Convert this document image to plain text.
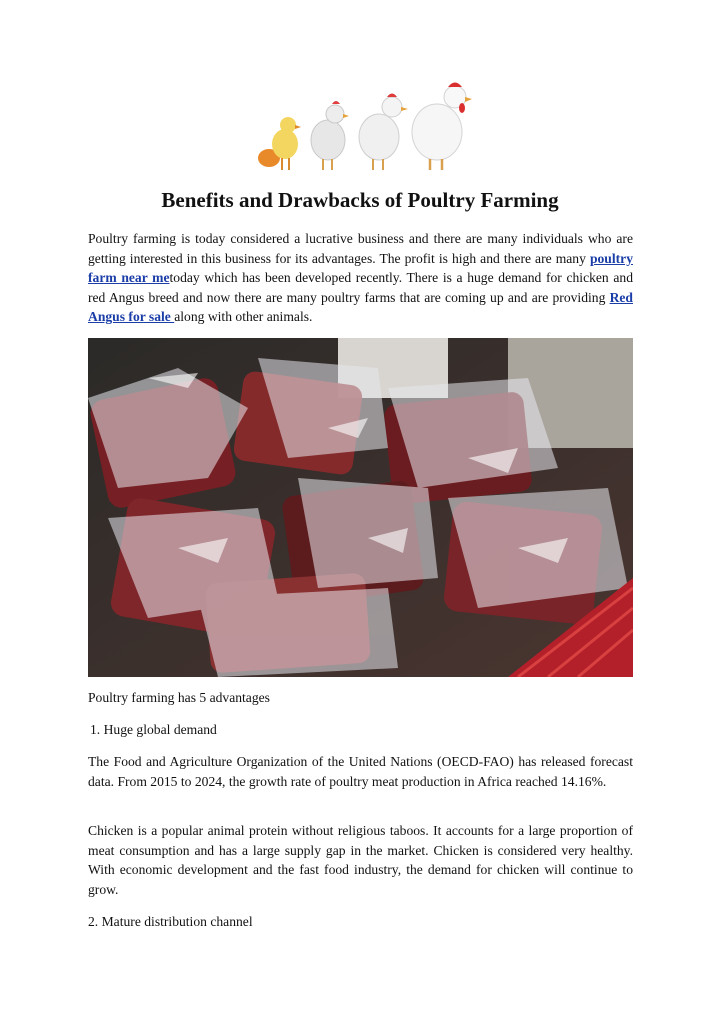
Benefits and Drawbacks of Poultry Farming
Poultry farming is today considered a lucrative business and there are many individuals who are getting interested in this business for its advantages. The profit is high and there are many poultry farm near metoday which has been developed recently. There is a huge demand for chicken and red Angus breed and now there are many poultry farms that are coming up and are providing Red Angus for sale along with other animals.
Poultry farming has 5 advantages
1. Huge global demand
The Food and Agriculture Organization of the United Nations (OECD-FAO) has released forecast data. From 2015 to 2024, the growth rate of poultry meat production in Africa reached 14.16%.
Chicken is a popular animal protein without religious taboos. It accounts for a large proportion of meat consumption and has a large supply gap in the market. Chicken is considered very healthy. With economic development and the fast food industry, the demand for chicken will continue to grow.
2. Mature distribution channel
